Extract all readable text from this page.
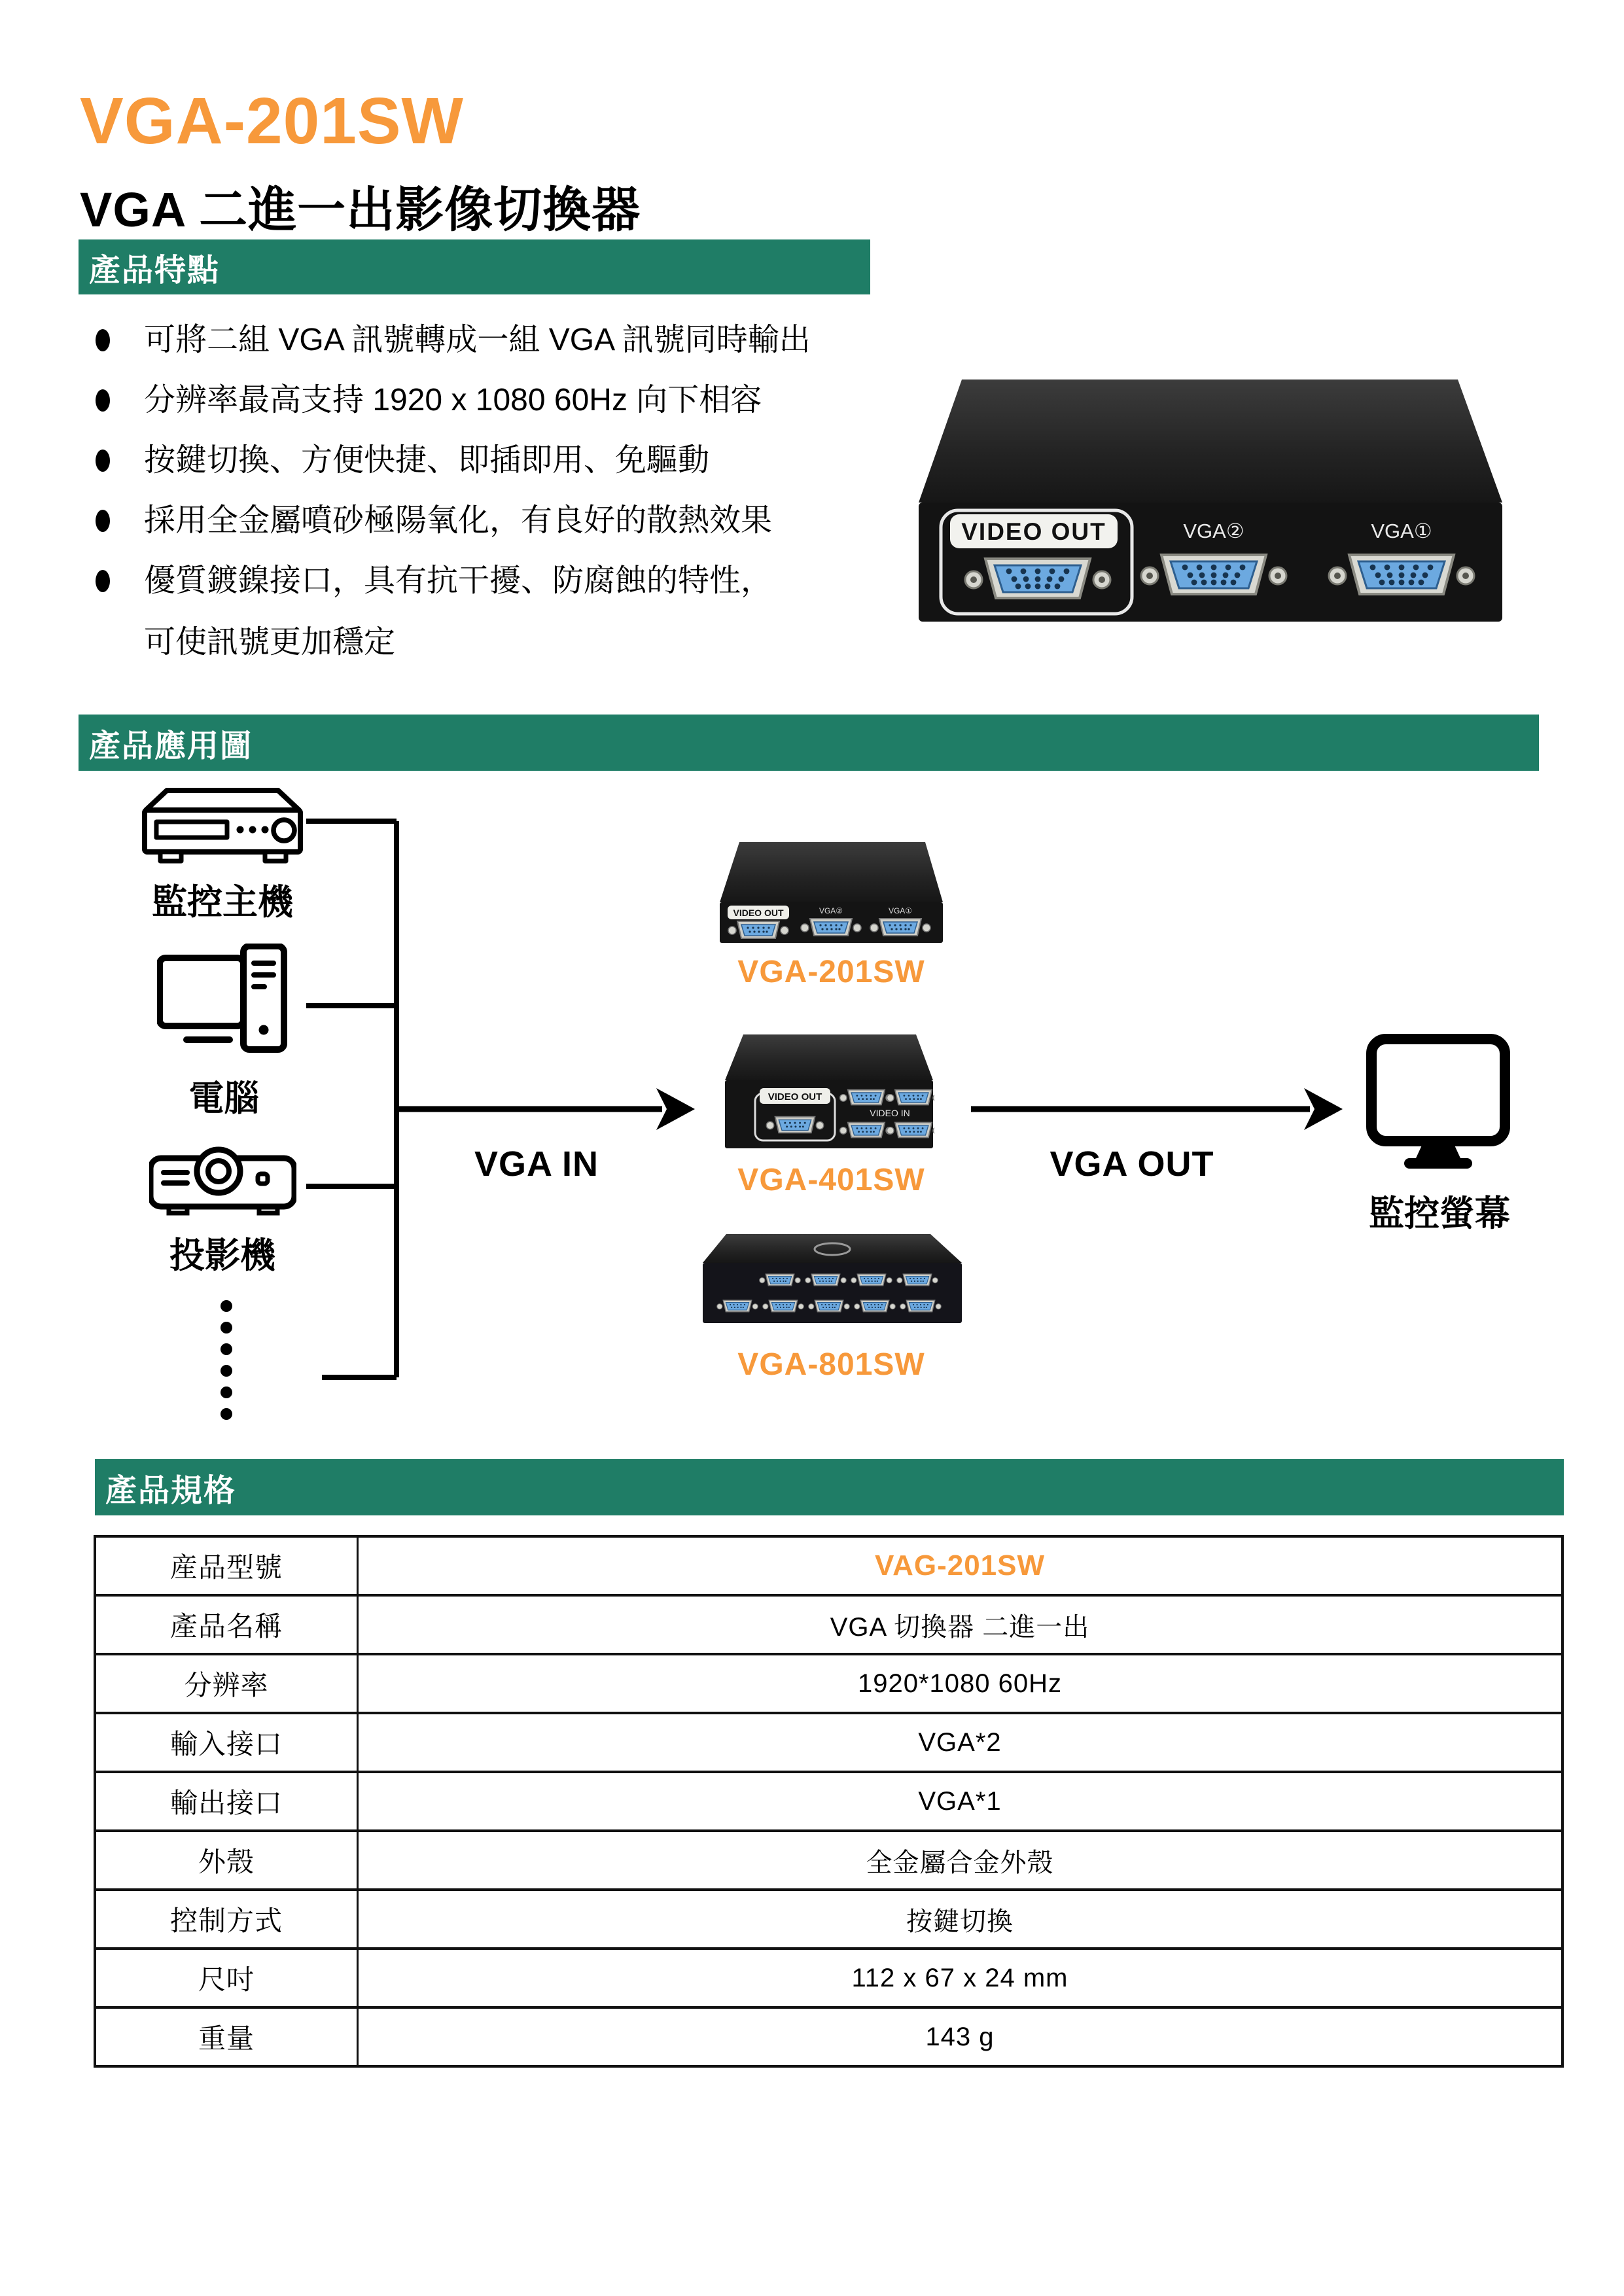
VGA-201SW
VGA 二進一出影像切換器
產品特點
可將二組 VGA 訊號轉成一組 VGA 訊號同時輸出
分辨率最高支持 1920 x 1080 60Hz 向下相容
按鍵切換、方便快捷、即插即用、免驅動
採用全金屬噴砂極陽氧化，有良好的散熱效果
優質鍍鎳接口，具有抗干擾、防腐蝕的特性，
可使訊號更加穩定
VIDEO OUT	VGA②	VGA①
產品應用圖
監控主機
電腦
投影機
VGA IN	VGA OUT
VIDEO OUT	VGA②	VGA①
VGA-201SW
VIDEO OUT
VIDEO IN
VGA-401SW
VGA-801SW
監控螢幕
產品規格
産品型號	VAG-201SW
產品名稱	VGA 切換器 二進一出
分辨率	1920*1080 60Hz
輸入接口	VGA*2
輸出接口	VGA*1
外殼	全金屬合金外殼
控制方式	按鍵切換
尺吋	112 x 67 x 24 mm
重量	143 g
